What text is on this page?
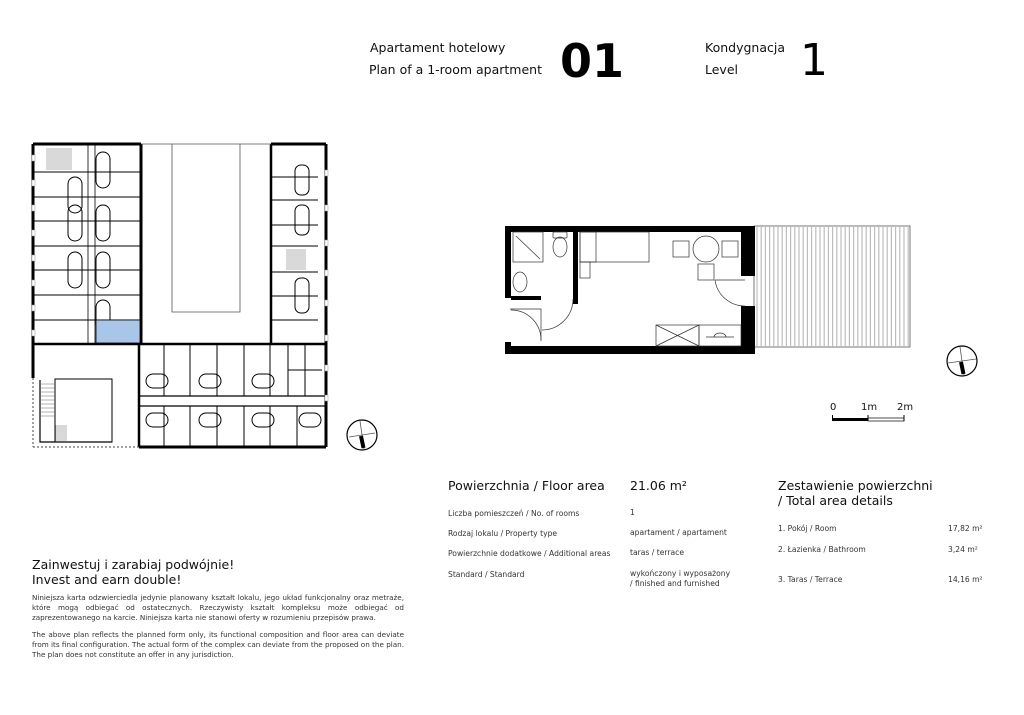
Apartament hotelowy
Plan of a 1-room apartment 01	Kondygnacja
Level 1
0 1m 2m
Powierzchnia / Floor area 21.06 m²
Liczba pomieszczeń / No. of rooms	1
Rodzaj lokalu / Property type	apartament / apartament
Powierzchnie dodatkowe / Additional areas	taras / terrace
Standard / Standard	wykończony i wyposażony
/ finished and furnished
Zestawienie powierzchni
/ Total area details
1. Pokój / Room	17,82 m²
2. Łazienka / Bathroom	3,24 m²
3. Taras / Terrace	14,16 m²
Zainwestuj i zarabiaj podwójnie!
Invest and earn double!

Niniejsza karta odzwierciedla jedynie planowany kształt lokalu, jego układ funkcjonalny oraz metraże, które mogą odbiegać od ostatecznych. Rzeczywisty kształt kompleksu może odbiegać od zaprezentowanego na karcie. Niniejsza karta nie stanowi oferty w rozumieniu przepisów prawa.

The above plan reflects the planned form only, its functional composition and floor area can deviate from its final configuration. The actual form of the complex can deviate from the proposed on the plan. The plan does not constitute an offer in any jurisdiction.
